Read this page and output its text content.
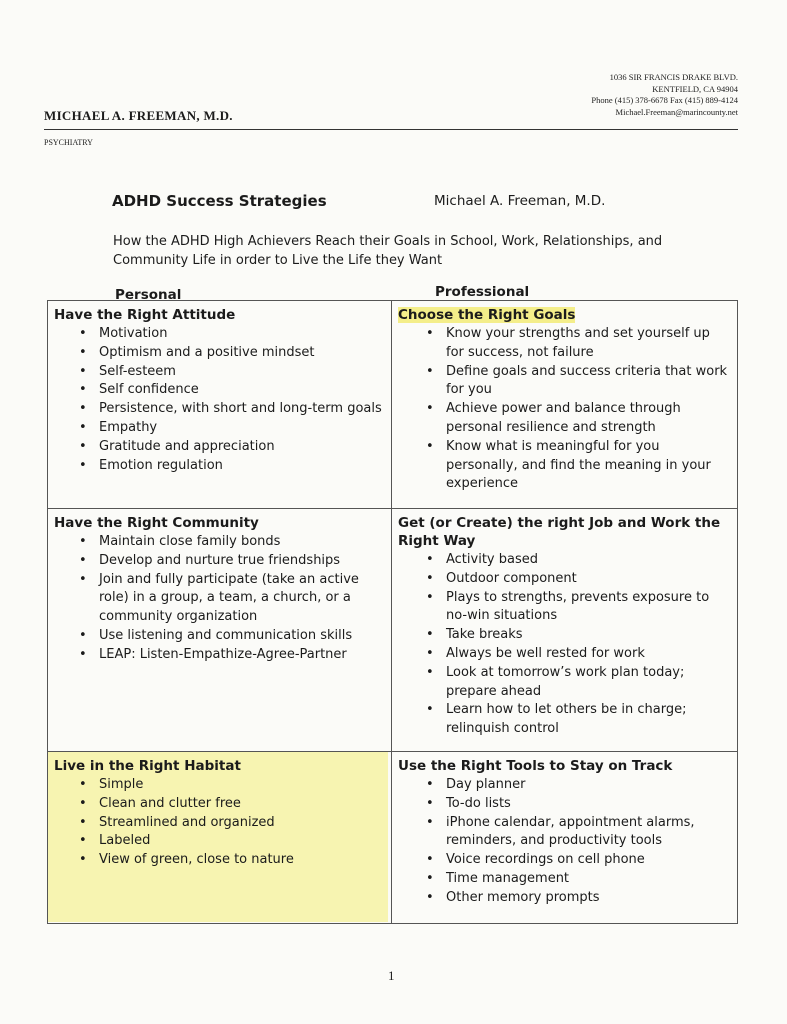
1036 SIR FRANCIS DRAKE BLVD.
KENTFIELD, CA 94904
Phone (415) 378-6678 Fax (415) 889-4124
Michael.Freeman@marincounty.net
MICHAEL A. FREEMAN, M.D.
PSYCHIATRY
ADHD Success Strategies	Michael A. Freeman, M.D.
How the ADHD High Achievers Reach their Goals in School, Work, Relationships, and Community Life in order to Live the Life they Want
Personal	Professional
Have the Right Attitude
• Motivation
• Optimism and a positive mindset
• Self-esteem
• Self confidence
• Persistence, with short and long-term goals
• Empathy
• Gratitude and appreciation
• Emotion regulation
Choose the Right Goals
• Know your strengths and set yourself up for success, not failure
• Define goals and success criteria that work for you
• Achieve power and balance through personal resilience and strength
• Know what is meaningful for you personally, and find the meaning in your experience
Have the Right Community
• Maintain close family bonds
• Develop and nurture true friendships
• Join and fully participate (take an active role) in a group, a team, a church, or a community organization
• Use listening and communication skills
• LEAP: Listen-Empathize-Agree-Partner
Get (or Create) the right Job and Work the Right Way
• Activity based
• Outdoor component
• Plays to strengths, prevents exposure to no-win situations
• Take breaks
• Always be well rested for work
• Look at tomorrow’s work plan today; prepare ahead
• Learn how to let others be in charge; relinquish control
Live in the Right Habitat
• Simple
• Clean and clutter free
• Streamlined and organized
• Labeled
• View of green, close to nature
Use the Right Tools to Stay on Track
• Day planner
• To-do lists
• iPhone calendar, appointment alarms, reminders, and productivity tools
• Voice recordings on cell phone
• Time management
• Other memory prompts
1
